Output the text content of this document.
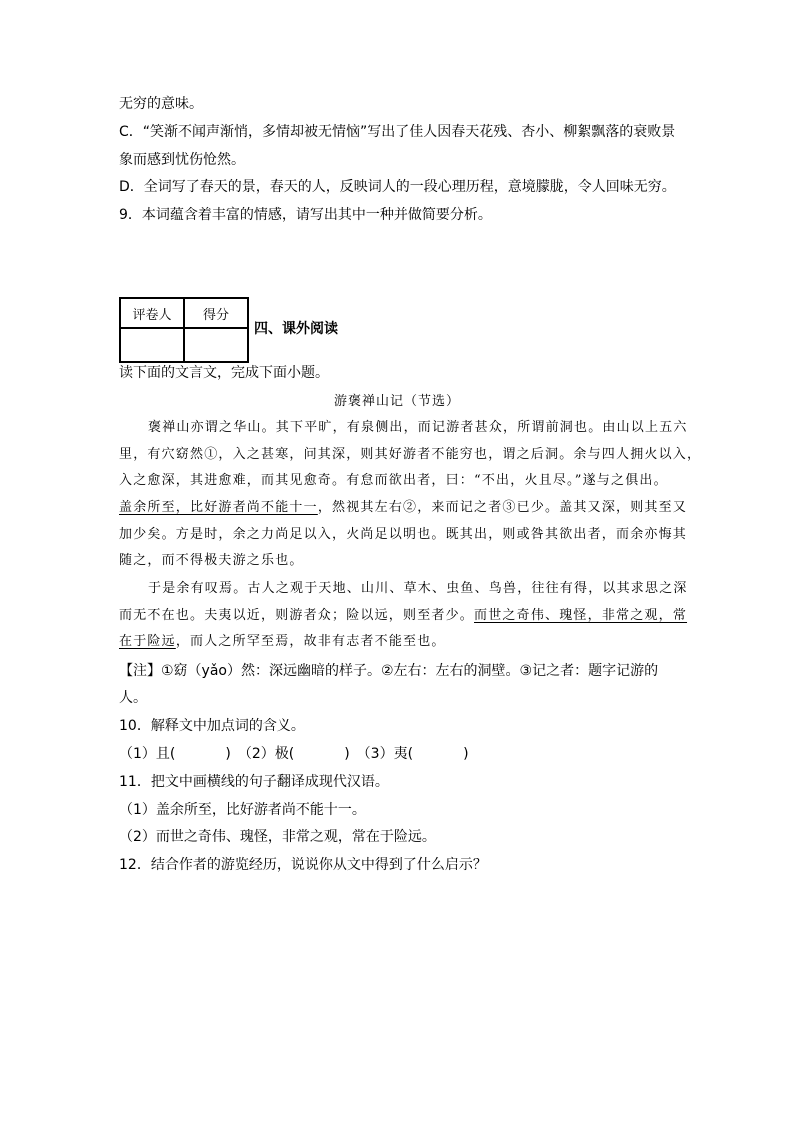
无穷的意味。
C．“笑渐不闻声渐悄，多情却被无情恼”写出了佳人因春天花残、杏小、柳絮飘落的衰败景
象而感到忧伤怆然。
D．全词写了春天的景，春天的人，反映词人的一段心理历程，意境朦胧，令人回味无穷。
9．本词蕴含着丰富的情感，请写出其中一种并做简要分析。
评卷人	得分

四、课外阅读
读下面的文言文，完成下面小题。
游褒禅山记（节选）
褒禅山亦谓之华山。其下平旷，有泉侧出，而记游者甚众，所谓前洞也。由山以上五六
里，有穴窈然①，入之甚寒，问其深，则其好游者不能穷也，谓之后洞。余与四人拥火以入，
入之愈深，其进愈难，而其见愈奇。有怠而欲出者，曰：“不出，火且尽。”遂与之俱出。
盖余所至，比好游者尚不能十一，然视其左右②，来而记之者③已少。盖其又深，则其至又
加少矣。方是时，余之力尚足以入，火尚足以明也。既其出，则或咎其欲出者，而余亦悔其
随之，而不得极夫游之乐也。
于是余有叹焉。古人之观于天地、山川、草木、虫鱼、鸟兽，往往有得，以其求思之深
而无不在也。夫夷以近，则游者众；险以远，则至者少。而世之奇伟、瑰怪，非常之观，常
在于险远，而人之所罕至焉，故非有志者不能至也。
【注】①窈（yǎo）然：深远幽暗的样子。②左右：左右的洞壁。③记之者：题字记游的
人。
10．解释文中加点词的含义。
（1）且(	)　（2）极(	)　（3）夷(	)
11．把文中画横线的句子翻译成现代汉语。
（1）盖余所至，比好游者尚不能十一。
（2）而世之奇伟、瑰怪，非常之观，常在于险远。
12．结合作者的游览经历，说说你从文中得到了什么启示？
